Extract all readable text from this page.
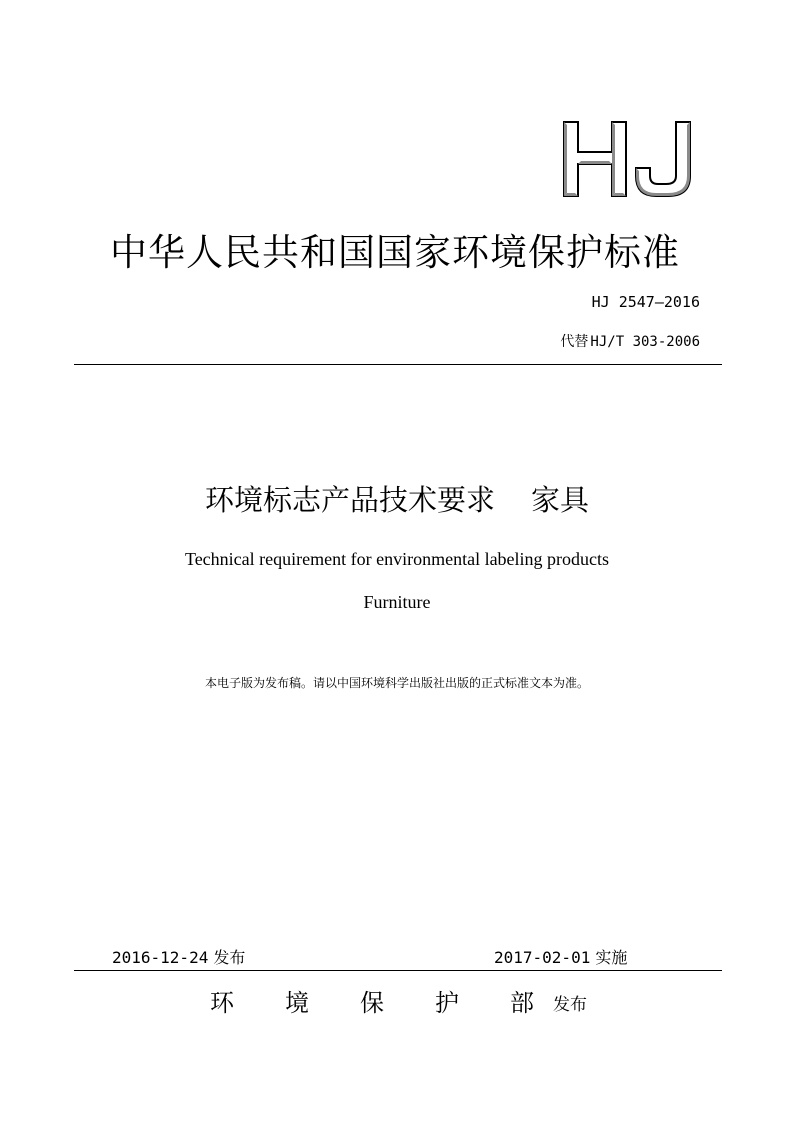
中华人民共和国国家环境保护标准
HJ 2547—2016
代替 HJ/T 303-2006
环境标志产品技术要求 家具
Technical requirement for environmental labeling products
Furniture
本电子版为发布稿。请以中国环境科学出版社出版的正式标准文本为准。
2016-12-24 发布	2017-02-01 实施
环 境 保 护 部	发布
